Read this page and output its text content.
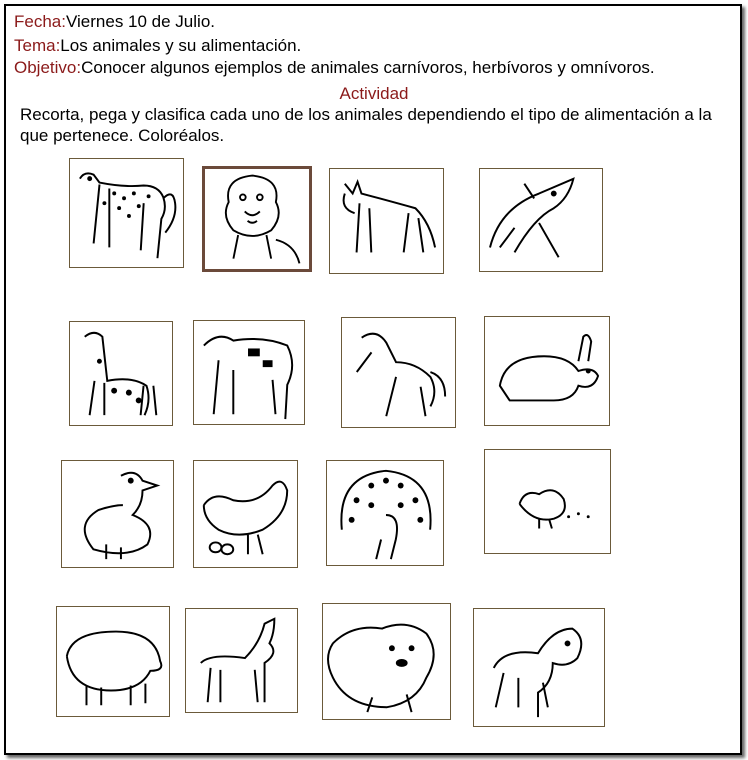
Fecha:Viernes 10 de Julio.
Tema:Los animales y su alimentación.
Objetivo:Conocer algunos ejemplos de animales carnívoros, herbívoros y omnívoros.
Actividad
Recorta, pega y clasifica cada uno de los animales dependiendo el tipo de alimentación a la que pertenece. Coloréalos.
